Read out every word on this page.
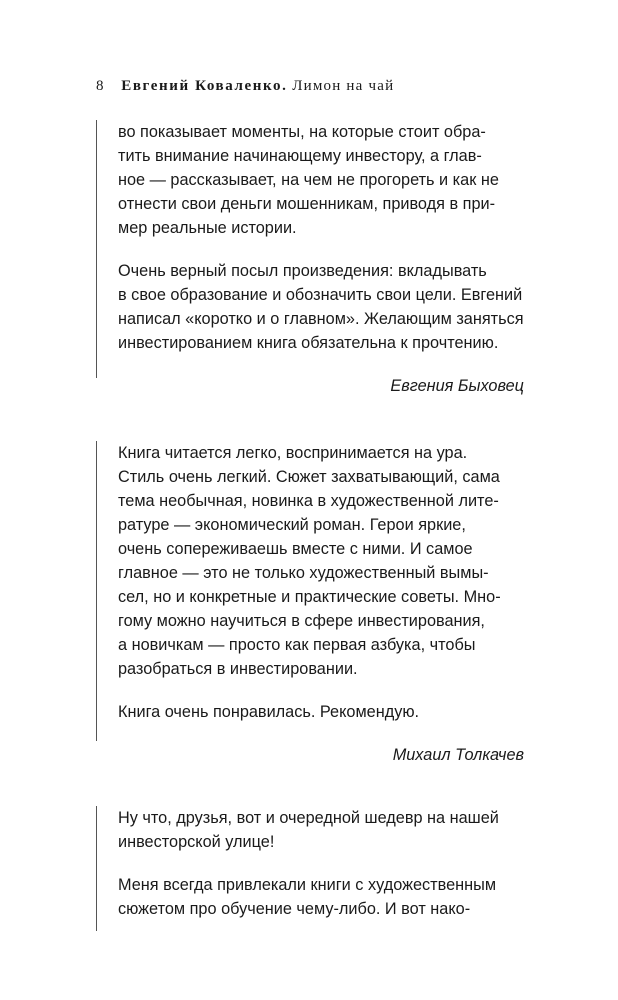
8 Евгений Коваленко. Лимон на чай

во показывает моменты, на которые стоит обра-

тить внимание начинающему инвестору, а глав-

ное — рассказывает, на чем не прогореть и как не

отнести свои деньги мошенникам, приводя в при-

мер реальные истории.

Очень верный посыл произведения: вкладывать

в свое образование и обозначить свои цели. Евгений

написал «коротко и о главном». Желающим заняться

инвестированием книга обязательна к прочтению.

Евгения Быховец

Книга читается легко, воспринимается на ура.

Стиль очень легкий. Сюжет захватывающий, сама

тема необычная, новинка в художественной лите-

ратуре — экономический роман. Герои яркие,

очень сопереживаешь вместе с ними. И самое

главное — это не только художественный вымы-

сел, но и конкретные и практические советы. Мно-

гому можно научиться в сфере инвестирования,

а новичкам — просто как первая азбука, чтобы

разобраться в инвестировании.

Книга очень понравилась. Рекомендую.

Михаил Толкачев

Ну что, друзья, вот и очередной шедевр на нашей

инвесторской улице!

Меня всегда привлекали книги с художественным

сюжетом про обучение чему-либо. И вот нако-
